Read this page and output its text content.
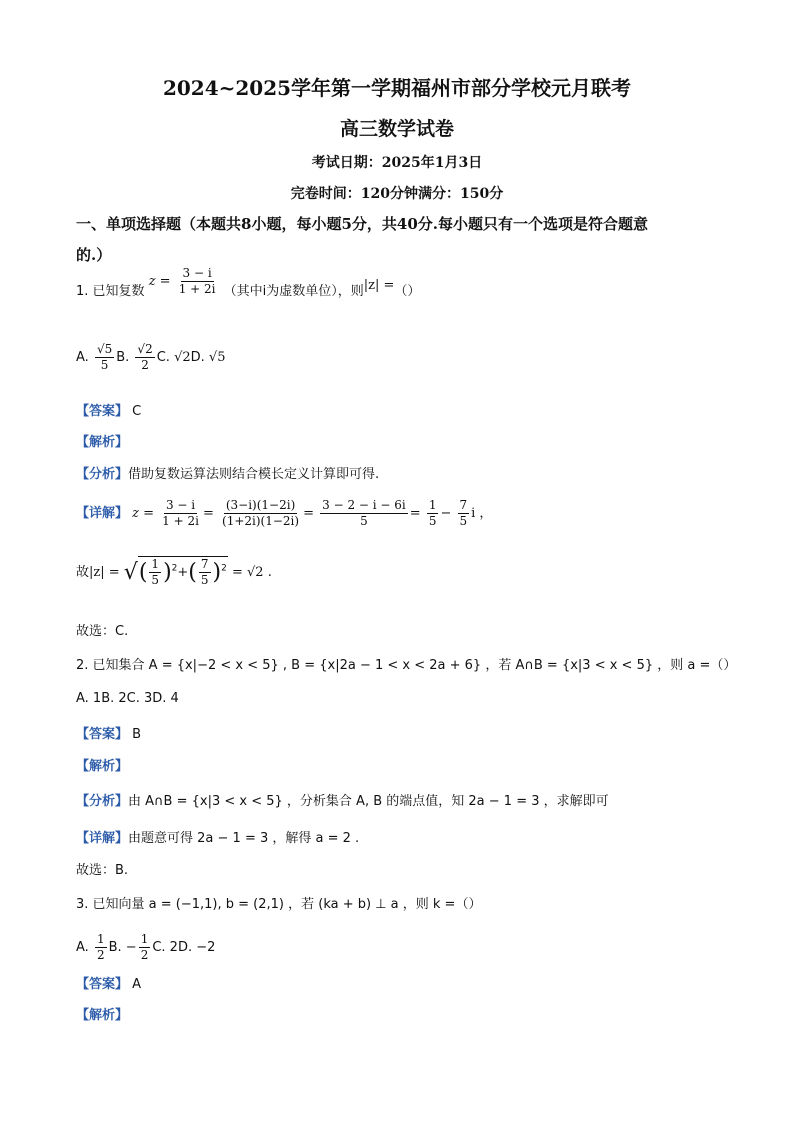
2024~2025学年第一学期福州市部分学校元月联考
高三数学试卷
考试日期：2025年1月3日
完卷时间：120分钟满分：150分
一、单项选择题（本题共8小题，每小题5分，共40分.每小题只有一个选项是符合题意
的.）
1. 已知复数 $z = \frac{3 - i}{1 + 2i}$ （其中i为虚数单位），则|z| =（）
A. $\frac{√5}{5} B$. $\frac{√2}{2} C$. √2D. √5
【答案】 C
【解析】
【分析】借助复数运算法则结合模长定义计算即可得.
【详解】 $z = \frac{3 - i}{1 + 2i} = \frac{(3-i)(1-2i)}{(1+2i)(1-2i)} = \frac{3 - 2 - i - 6i}{5} = \frac{1}{5} - \frac{7}{5}$ i ，
故|z| = √( $\frac{1}{5} )^2+( \frac{7}{5} )^2 = √2$ .
故选：C.
2. 已知集合 A = {x|−2 < x < 5} , B = {x|2a − 1 < x < 2a + 6} ，若 A∩B = {x|3 < x < 5} ，则 a =（）
A. 1B. 2C. 3D. 4
【答案】 B
【解析】
【分析】由 A∩B = {x|3 < x < 5} ，分析集合 A, B 的端点值，知 2a − 1 = 3 ，求解即可
【详解】由题意可得 2a − 1 = 3 ，解得 a = 2 .
故选：B.
3. 已知向量 a = (−1,1), b = (2,1) ，若 (ka + b) ⊥ a ，则 k =（）
A. $\frac{1}{2} B$. − $\frac{1}{2} C$. 2D. −2
【答案】 A
【解析】
